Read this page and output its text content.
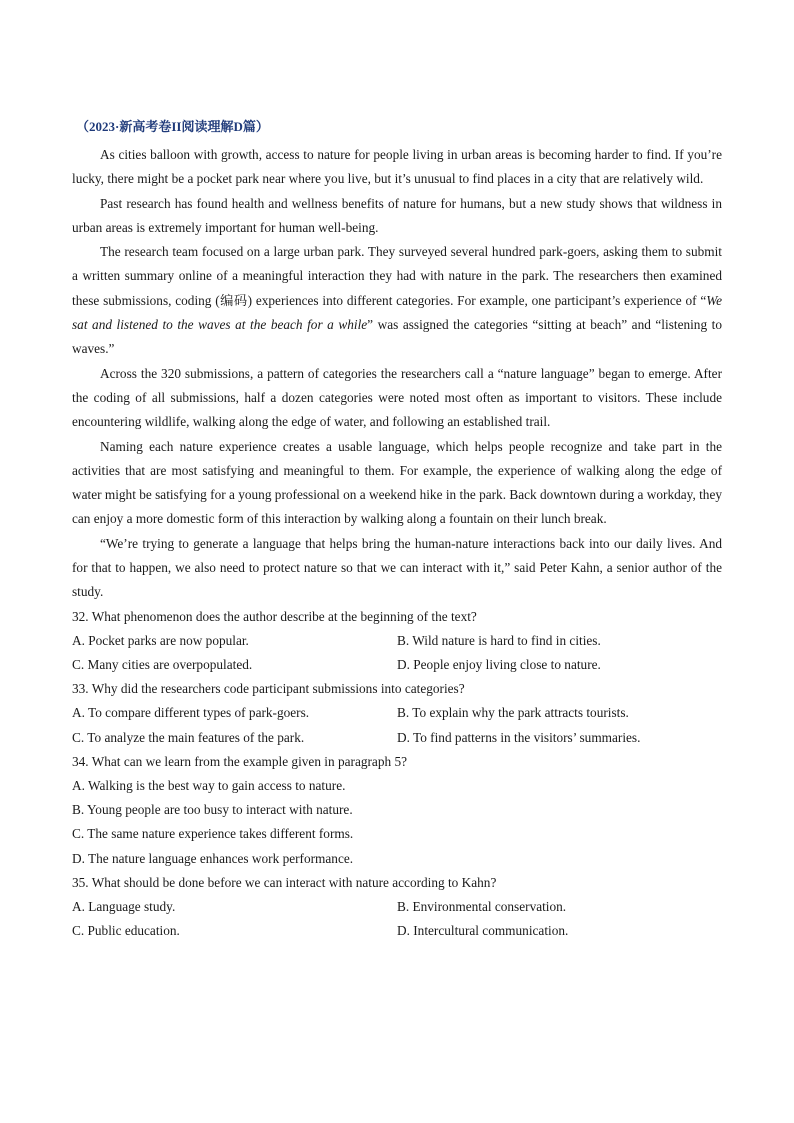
（2023·新高考卷II阅读理解D篇）

As cities balloon with growth, access to nature for people living in urban areas is becoming harder to find. If you’re lucky, there might be a pocket park near where you live, but it’s unusual to find places in a city that are relatively wild.

Past research has found health and wellness benefits of nature for humans, but a new study shows that wildness in urban areas is extremely important for human well-being.

The research team focused on a large urban park. They surveyed several hundred park-goers, asking them to submit a written summary online of a meaningful interaction they had with nature in the park. The researchers then examined these submissions, coding (编码) experiences into different categories. For example, one participant’s experience of “We sat and listened to the waves at the beach for a while” was assigned the categories “sitting at beach” and “listening to waves.”

Across the 320 submissions, a pattern of categories the researchers call a “nature language” began to emerge. After the coding of all submissions, half a dozen categories were noted most often as important to visitors. These include encountering wildlife, walking along the edge of water, and following an established trail.

Naming each nature experience creates a usable language, which helps people recognize and take part in the activities that are most satisfying and meaningful to them. For example, the experience of walking along the edge of water might be satisfying for a young professional on a weekend hike in the park. Back downtown during a workday, they can enjoy a more domestic form of this interaction by walking along a fountain on their lunch break.

“We’re trying to generate a language that helps bring the human-nature interactions back into our daily lives. And for that to happen, we also need to protect nature so that we can interact with it,” said Peter Kahn, a senior author of the study.

32. What phenomenon does the author describe at the beginning of the text?
A. Pocket parks are now popular.	B. Wild nature is hard to find in cities.
C. Many cities are overpopulated.	D. People enjoy living close to nature.
33. Why did the researchers code participant submissions into categories?
A. To compare different types of park-goers.	B. To explain why the park attracts tourists.
C. To analyze the main features of the park.	D. To find patterns in the visitors’ summaries.
34. What can we learn from the example given in paragraph 5?
A. Walking is the best way to gain access to nature.
B. Young people are too busy to interact with nature.
C. The same nature experience takes different forms.
D. The nature language enhances work performance.
35. What should be done before we can interact with nature according to Kahn?
A. Language study.	B. Environmental conservation.
C. Public education.	D. Intercultural communication.
